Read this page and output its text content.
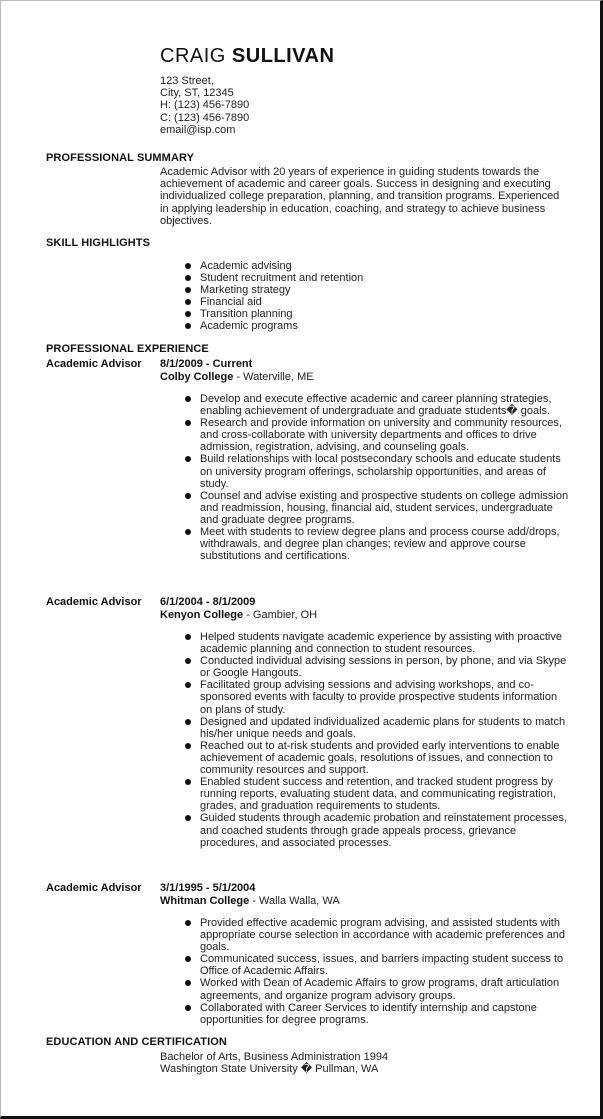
CRAIG SULLIVAN
123 Street,
City, ST, 12345
H: (123) 456-7890
C: (123) 456-7890
email@isp.com
PROFESSIONAL SUMMARY
Academic Advisor with 20 years of experience in guiding students towards the achievement of academic and career goals. Success in designing and executing individualized college preparation, planning, and transition programs. Experienced in applying leadership in education, coaching, and strategy to achieve business objectives.
SKILL HIGHLIGHTS
Academic advising
Student recruitment and retention
Marketing strategy
Financial aid
Transition planning
Academic programs
PROFESSIONAL EXPERIENCE
Academic Advisor 8/1/2009 - Current
Colby College - Waterville, ME
Develop and execute effective academic and career planning strategies, enabling achievement of undergraduate and graduate students� goals.
Research and provide information on university and community resources, and cross-collaborate with university departments and offices to drive admission, registration, advising, and counseling goals.
Build relationships with local postsecondary schools and educate students on university program offerings, scholarship opportunities, and areas of study.
Counsel and advise existing and prospective students on college admission and readmission, housing, financial aid, student services, undergraduate and graduate degree programs.
Meet with students to review degree plans and process course add/drops, withdrawals, and degree plan changes; review and approve course substitutions and certifications.
Academic Advisor 6/1/2004 - 8/1/2009
Kenyon College - Gambier, OH
Helped students navigate academic experience by assisting with proactive academic planning and connection to student resources.
Conducted individual advising sessions in person, by phone, and via Skype or Google Hangouts.
Facilitated group advising sessions and advising workshops, and co-sponsored events with faculty to provide prospective students information on plans of study.
Designed and updated individualized academic plans for students to match his/her unique needs and goals.
Reached out to at-risk students and provided early interventions to enable achievement of academic goals, resolutions of issues, and connection to community resources and support.
Enabled student success and retention, and tracked student progress by running reports, evaluating student data, and communicating registration, grades, and graduation requirements to students.
Guided students through academic probation and reinstatement processes, and coached students through grade appeals process, grievance procedures, and associated processes.
Academic Advisor 3/1/1995 - 5/1/2004
Whitman College - Walla Walla, WA
Provided effective academic program advising, and assisted students with appropriate course selection in accordance with academic preferences and goals.
Communicated success, issues, and barriers impacting student success to Office of Academic Affairs.
Worked with Dean of Academic Affairs to grow programs, draft articulation agreements, and organize program advisory groups.
Collaborated with Career Services to identify internship and capstone opportunities for degree programs.
EDUCATION AND CERTIFICATION
Bachelor of Arts, Business Administration 1994
Washington State University � Pullman, WA
